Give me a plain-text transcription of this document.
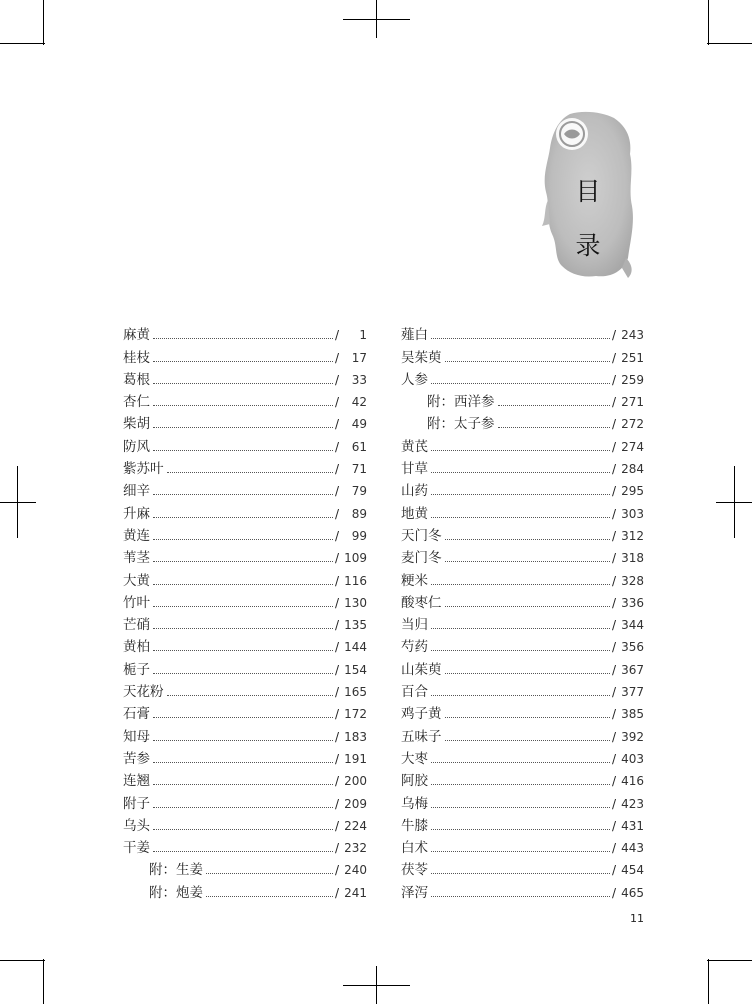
目
录
麻黄	/	1
桂枝	/	17
葛根	/	33
杏仁	/	42
柴胡	/	49
防风	/	61
紫苏叶	/	71
细辛	/	79
升麻	/	89
黄连	/	99
苇茎	/ 109
大黄	/ 116
竹叶	/ 130
芒硝	/ 135
黄柏	/ 144
栀子	/ 154
天花粉	/ 165
石膏	/ 172
知母	/ 183
苦参	/ 191
连翘	/ 200
附子	/ 209
乌头	/ 224
干姜	/ 232
附：生姜	/ 240
附：炮姜	/ 241
薤白	/ 243
吴茱萸	/ 251
人参	/ 259
附：西洋参	/ 271
附：太子参	/ 272
黄芪	/ 274
甘草	/ 284
山药	/ 295
地黄	/ 303
天门冬	/ 312
麦门冬	/ 318
粳米	/ 328
酸枣仁	/ 336
当归	/ 344
芍药	/ 356
山茱萸	/ 367
百合	/ 377
鸡子黄	/ 385
五味子	/ 392
大枣	/ 403
阿胶	/ 416
乌梅	/ 423
牛膝	/ 431
白术	/ 443
茯苓	/ 454
泽泻	/ 465
11
